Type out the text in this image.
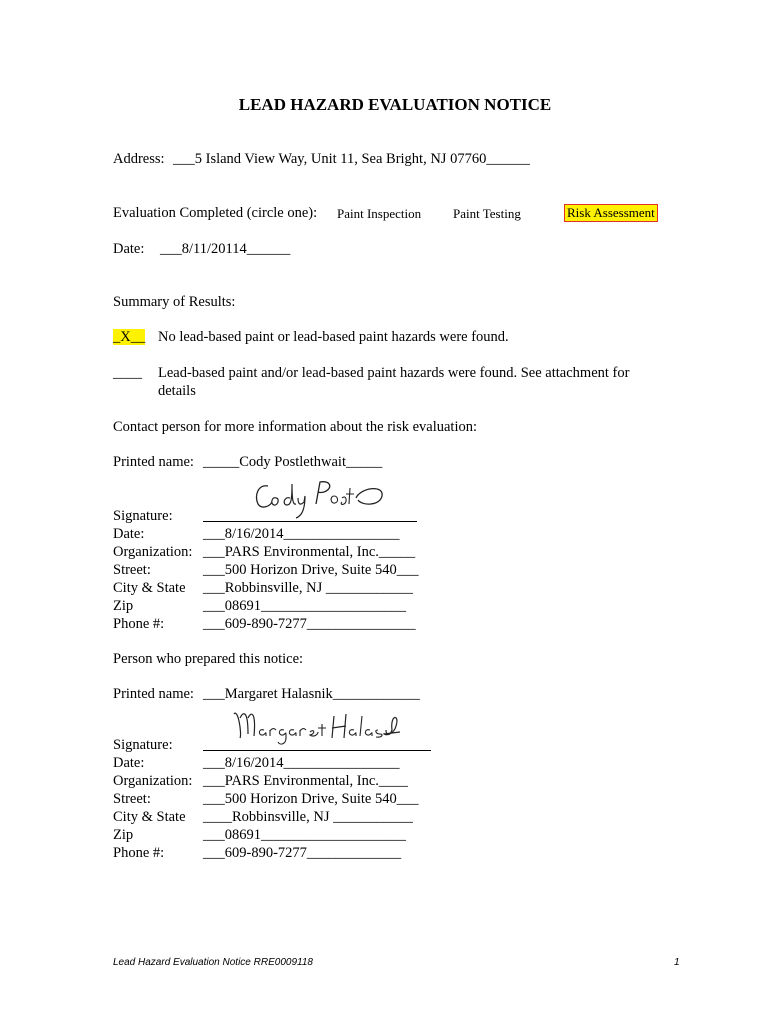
LEAD HAZARD EVALUATION NOTICE
Address: ___5 Island View Way, Unit 11, Sea Bright, NJ 07760______
Evaluation Completed (circle one): Paint Inspection Paint Testing	Risk Assessment
Date: ___8/11/20114______
Summary of Results:
_X__ No lead-based paint or lead-based paint hazards were found.
____ Lead-based paint and/or lead-based paint hazards were found. See attachment for
details
Contact person for more information about the risk evaluation:
Printed name: _____Cody Postlethwait_____
Signature:
Date:	___8/16/2014________________
Organization: ___PARS Environmental, Inc._____
Street:	___500 Horizon Drive, Suite 540___
City & State ___Robbinsville, NJ ____________
Zip	___08691____________________
Phone #:	___609-890-7277_______________
Person who prepared this notice:
Printed name: ___Margaret Halasnik____________
Signature:
Date:	___8/16/2014________________
Organization: ___PARS Environmental, Inc.____
Street:	___500 Horizon Drive, Suite 540___
City & State ____Robbinsville, NJ ___________
Zip	___08691____________________
Phone #:	___609-890-7277_____________
Lead Hazard Evaluation Notice RRE0009118	1
